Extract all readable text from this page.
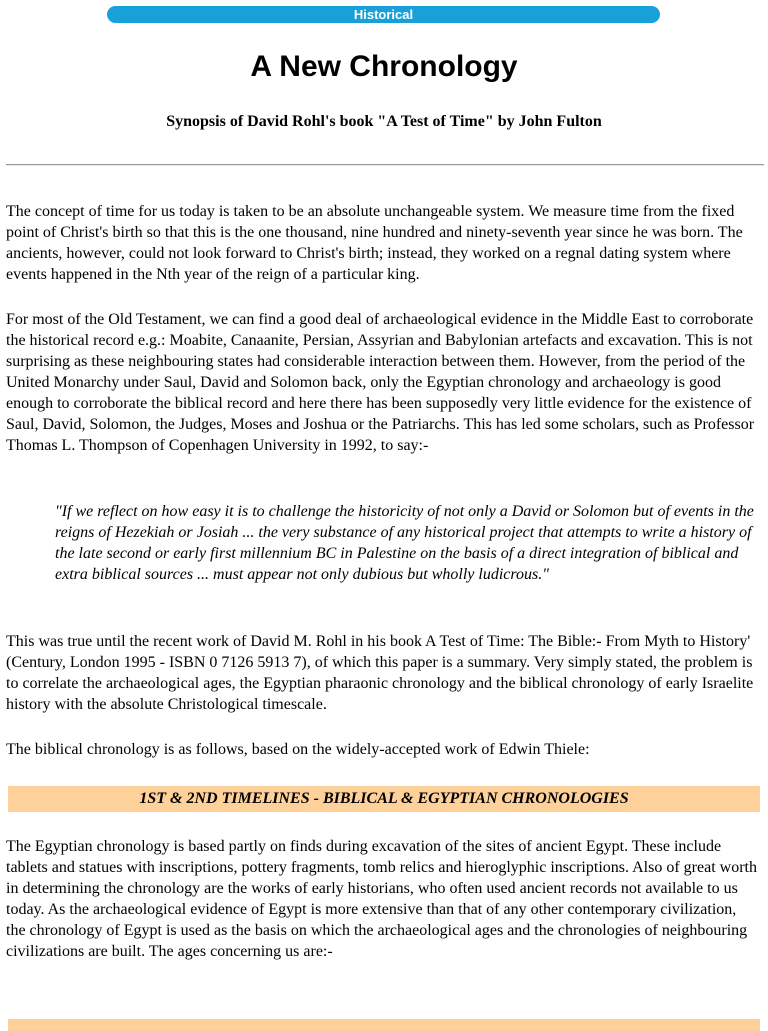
Historical
A New Chronology
Synopsis of David Rohl's book "A Test of Time" by John Fulton

The concept of time for us today is taken to be an absolute unchangeable system. We measure time from the fixed point of Christ's birth so that this is the one thousand, nine hundred and ninety-seventh year since he was born. The ancients, however, could not look forward to Christ's birth; instead, they worked on a regnal dating system where events happened in the Nth year of the reign of a particular king.

For most of the Old Testament, we can find a good deal of archaeological evidence in the Middle East to corroborate the historical record e.g.: Moabite, Canaanite, Persian, Assyrian and Babylonian artefacts and excavation. This is not surprising as these neighbouring states had considerable interaction between them. However, from the period of the United Monarchy under Saul, David and Solomon back, only the Egyptian chronology and archaeology is good enough to corroborate the biblical record and here there has been supposedly very little evidence for the existence of Saul, David, Solomon, the Judges, Moses and Joshua or the Patriarchs. This has led some scholars, such as Professor Thomas L. Thompson of Copenhagen University in 1992, to say:-

"If we reflect on how easy it is to challenge the historicity of not only a David or Solomon but of events in the reigns of Hezekiah or Josiah ... the very substance of any historical project that attempts to write a history of the late second or early first millennium BC in Palestine on the basis of a direct integration of biblical and extra biblical sources ... must appear not only dubious but wholly ludicrous."

This was true until the recent work of David M. Rohl in his book A Test of Time: The Bible:- From Myth to History' (Century, London 1995 - ISBN 0 7126 5913 7), of which this paper is a summary. Very simply stated, the problem is to correlate the archaeological ages, the Egyptian pharaonic chronology and the biblical chronology of early Israelite history with the absolute Christological timescale.

The biblical chronology is as follows, based on the widely-accepted work of Edwin Thiele:

1ST & 2ND TIMELINES - BIBLICAL & EGYPTIAN CHRONOLOGIES

The Egyptian chronology is based partly on finds during excavation of the sites of ancient Egypt. These include tablets and statues with inscriptions, pottery fragments, tomb relics and hieroglyphic inscriptions. Also of great worth in determining the chronology are the works of early historians, who often used ancient records not available to us today. As the archaeological evidence of Egypt is more extensive than that of any other contemporary civilization, the chronology of Egypt is used as the basis on which the archaeological ages and the chronologies of neighbouring civilizations are built. The ages concerning us are:-
